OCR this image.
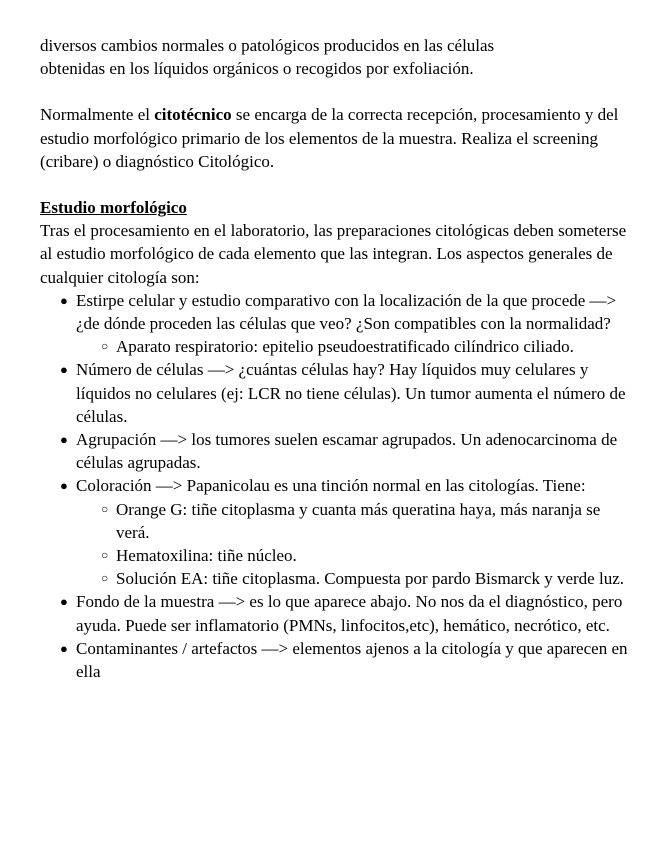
diversos cambios normales o patológicos producidos en las células
obtenidas en los líquidos orgánicos o recogidos por exfoliación.

Normalmente el citotécnico se encarga de la correcta recepción, procesamiento y del estudio morfológico primario de los elementos de la muestra. Realiza el screening (cribare) o diagnóstico Citológico.

Estudio morfológico

Tras el procesamiento en el laboratorio, las preparaciones citológicas deben someterse al estudio morfológico de cada elemento que las integran. Los aspectos generales de cualquier citología son:

● Estirpe celular y estudio comparativo con la localización de la que procede —> ¿de dónde proceden las células que veo? ¿Son compatibles con la normalidad?
○ Aparato respiratorio: epitelio pseudoestratificado cilíndrico ciliado.
● Número de células —> ¿cuántas células hay? Hay líquidos muy celulares y líquidos no celulares (ej: LCR no tiene células). Un tumor aumenta el número de células.
● Agrupación —> los tumores suelen escamar agrupados. Un adenocarcinoma de células agrupadas.
● Coloración —> Papanicolau es una tinción normal en las citologías. Tiene:
○ Orange G: tiñe citoplasma y cuanta más queratina haya, más naranja se verá.
○ Hematoxilina: tiñe núcleo.
○ Solución EA: tiñe citoplasma. Compuesta por pardo Bismarck y verde luz.
● Fondo de la muestra —> es lo que aparece abajo. No nos da el diagnóstico, pero ayuda. Puede ser inflamatorio (PMNs, linfocitos,etc), hemático, necrótico, etc.
● Contaminantes / artefactos —> elementos ajenos a la citología y que aparecen en ella
